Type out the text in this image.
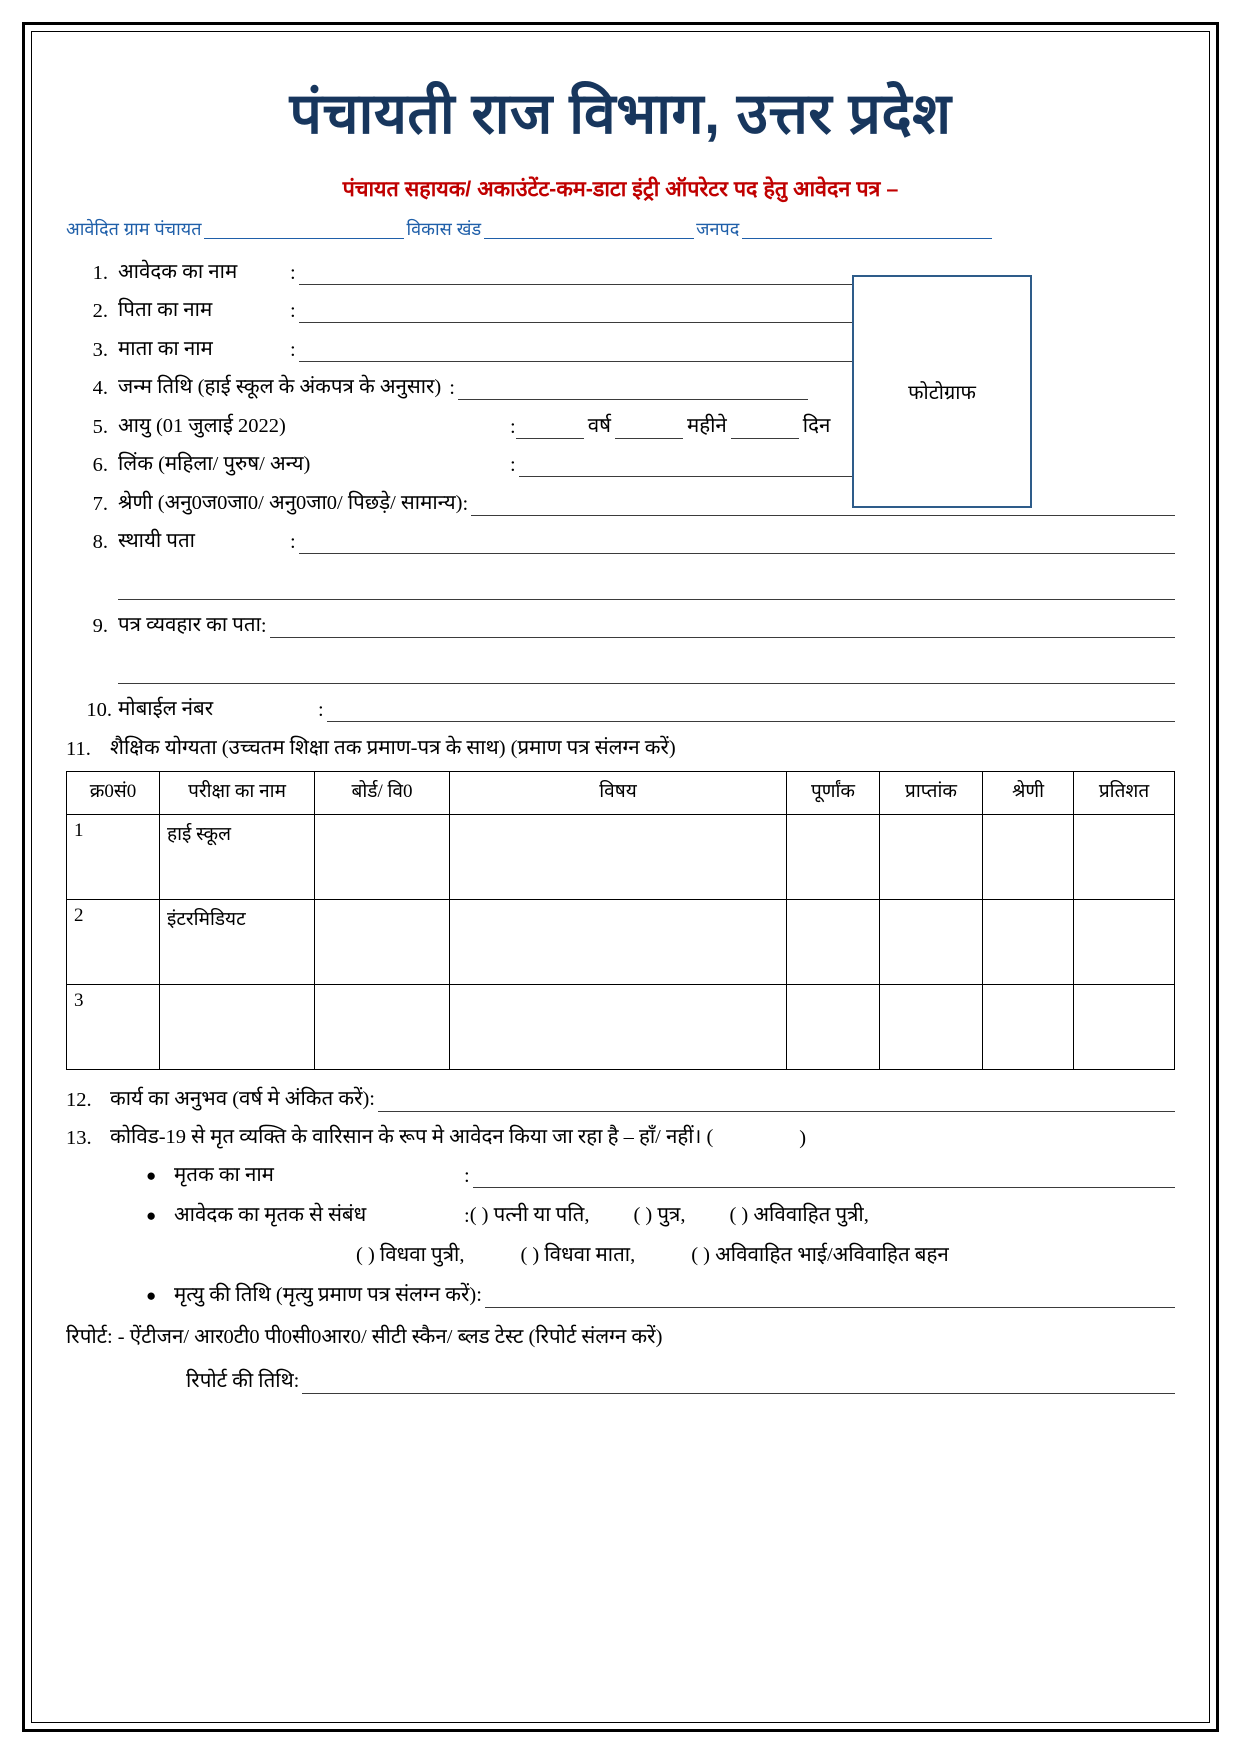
पंचायती राज विभाग, उत्तर प्रदेश
पंचायत सहायक/ अकाउंटेंट-कम-डाटा इंट्री ऑपरेटर पद हेतु आवेदन पत्र –
आवेदित ग्राम पंचायत	विकास खंड	जनपद
फोटोग्राफ
1. आवेदक का नाम	:
2. पिता का नाम	:
3. माता का नाम	:
4. जन्म तिथि (हाई स्कूल के अंकपत्र के अनुसार) :
5. आयु (01 जुलाई 2022)	:	वर्ष	महीने	दिन
6. लिंक (महिला/ पुरुष/ अन्य)	:
7. श्रेणी (अनु0ज0जा0/ अनु0जा0/ पिछड़े/ सामान्य) :
8. स्थायी पता	:
9. पत्र व्यवहार का पता :
10. मोबाईल नंबर	:
11. शैक्षिक योग्यता (उच्चतम शिक्षा तक प्रमाण-पत्र के साथ) (प्रमाण पत्र संलग्न करें)
क्र0सं0	परीक्षा का नाम	बोर्ड/ वि0	विषय	पूर्णांक	प्राप्तांक	श्रेणी	प्रतिशत
1	हाई स्कूल						
2	इंटरमिडियट						
3							
12. कार्य का अनुभव (वर्ष मे अंकित करें):
13. कोविड-19 से मृत व्यक्ति के वारिसान के रूप मे आवेदन किया जा रहा है – हाँ/ नहीं। (	)
● मृतक का नाम	:
● आवेदक का मृतक से संबंध	: ( ) पत्नी या पति, ( ) पुत्र, ( ) अविवाहित पुत्री,
( ) विधवा पुत्री,	( ) विधवा माता,	( ) अविवाहित भाई/अविवाहित बहन
● मृत्यु की तिथि (मृत्यु प्रमाण पत्र संलग्न करें):
रिपोर्ट: - ऐंटीजन/ आर0टी0 पी0सी0आर0/ सीटी स्कैन/ ब्लड टेस्ट (रिपोर्ट संलग्न करें)
रिपोर्ट की तिथि:
